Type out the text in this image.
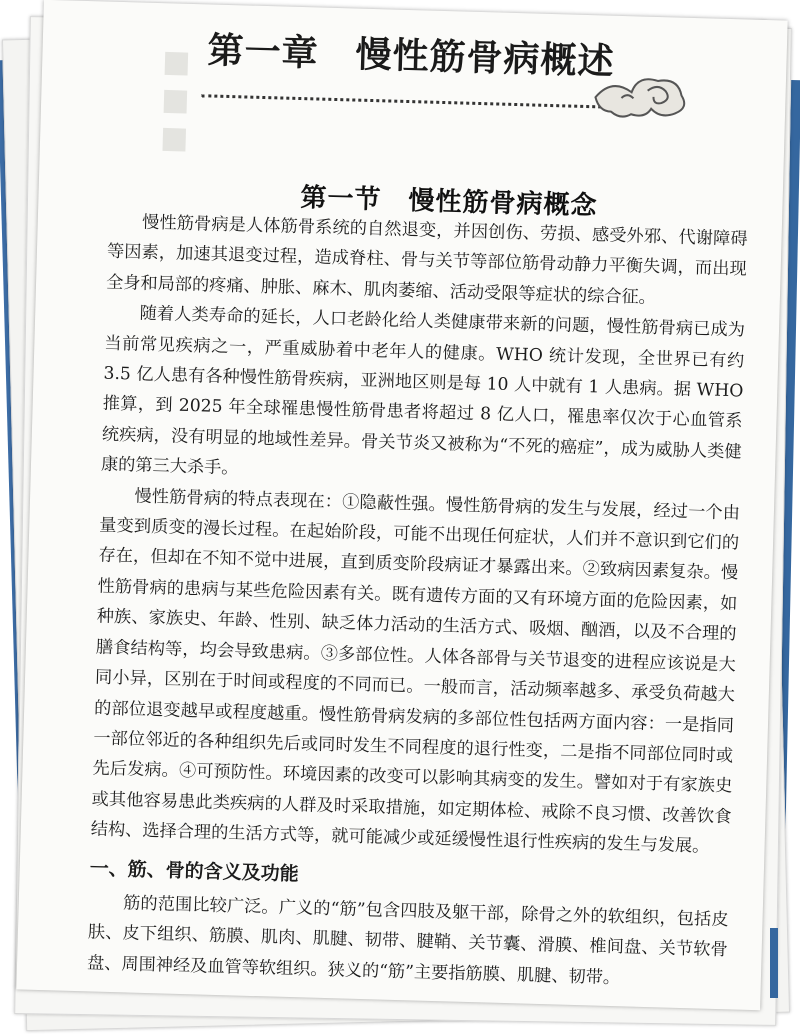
■
■
■
第一章　慢性筋骨病概述
第一节　慢性筋骨病概念

慢性筋骨病是人体筋骨系统的自然退变，并因创伤、劳损、感受外邪、代谢障碍等因素，加速其退变过程，造成脊柱、骨与关节等部位筋骨动静力平衡失调，而出现全身和局部的疼痛、肿胀、麻木、肌肉萎缩、活动受限等症状的综合征。

随着人类寿命的延长，人口老龄化给人类健康带来新的问题，慢性筋骨病已成为当前常见疾病之一，严重威胁着中老年人的健康。WHO 统计发现，全世界已有约 3.5 亿人患有各种慢性筋骨疾病，亚洲地区则是每 10 人中就有 1 人患病。据 WHO 推算，到 2025 年全球罹患慢性筋骨患者将超过 8 亿人口，罹患率仅次于心血管系统疾病，没有明显的地域性差异。骨关节炎又被称为“不死的癌症”，成为威胁人类健康的第三大杀手。

慢性筋骨病的特点表现在：①隐蔽性强。慢性筋骨病的发生与发展，经过一个由量变到质变的漫长过程。在起始阶段，可能不出现任何症状，人们并不意识到它们的存在，但却在不知不觉中进展，直到质变阶段病证才暴露出来。②致病因素复杂。慢性筋骨病的患病与某些危险因素有关。既有遗传方面的又有环境方面的危险因素，如种族、家族史、年龄、性别、缺乏体力活动的生活方式、吸烟、酗酒，以及不合理的膳食结构等，均会导致患病。③多部位性。人体各部骨与关节退变的进程应该说是大同小异，区别在于时间或程度的不同而已。一般而言，活动频率越多、承受负荷越大的部位退变越早或程度越重。慢性筋骨病发病的多部位性包括两方面内容：一是指同一部位邻近的各种组织先后或同时发生不同程度的退行性变，二是指不同部位同时或先后发病。④可预防性。环境因素的改变可以影响其病变的发生。譬如对于有家族史或其他容易患此类疾病的人群及时采取措施，如定期体检、戒除不良习惯、改善饮食结构、选择合理的生活方式等，就可能减少或延缓慢性退行性疾病的发生与发展。

一、筋、骨的含义及功能

筋的范围比较广泛。广义的“筋”包含四肢及躯干部，除骨之外的软组织，包括皮肤、皮下组织、筋膜、肌肉、肌腱、韧带、腱鞘、关节囊、滑膜、椎间盘、关节软骨盘、周围神经及血管等软组织。狭义的“筋”主要指筋膜、肌腱、韧带。
